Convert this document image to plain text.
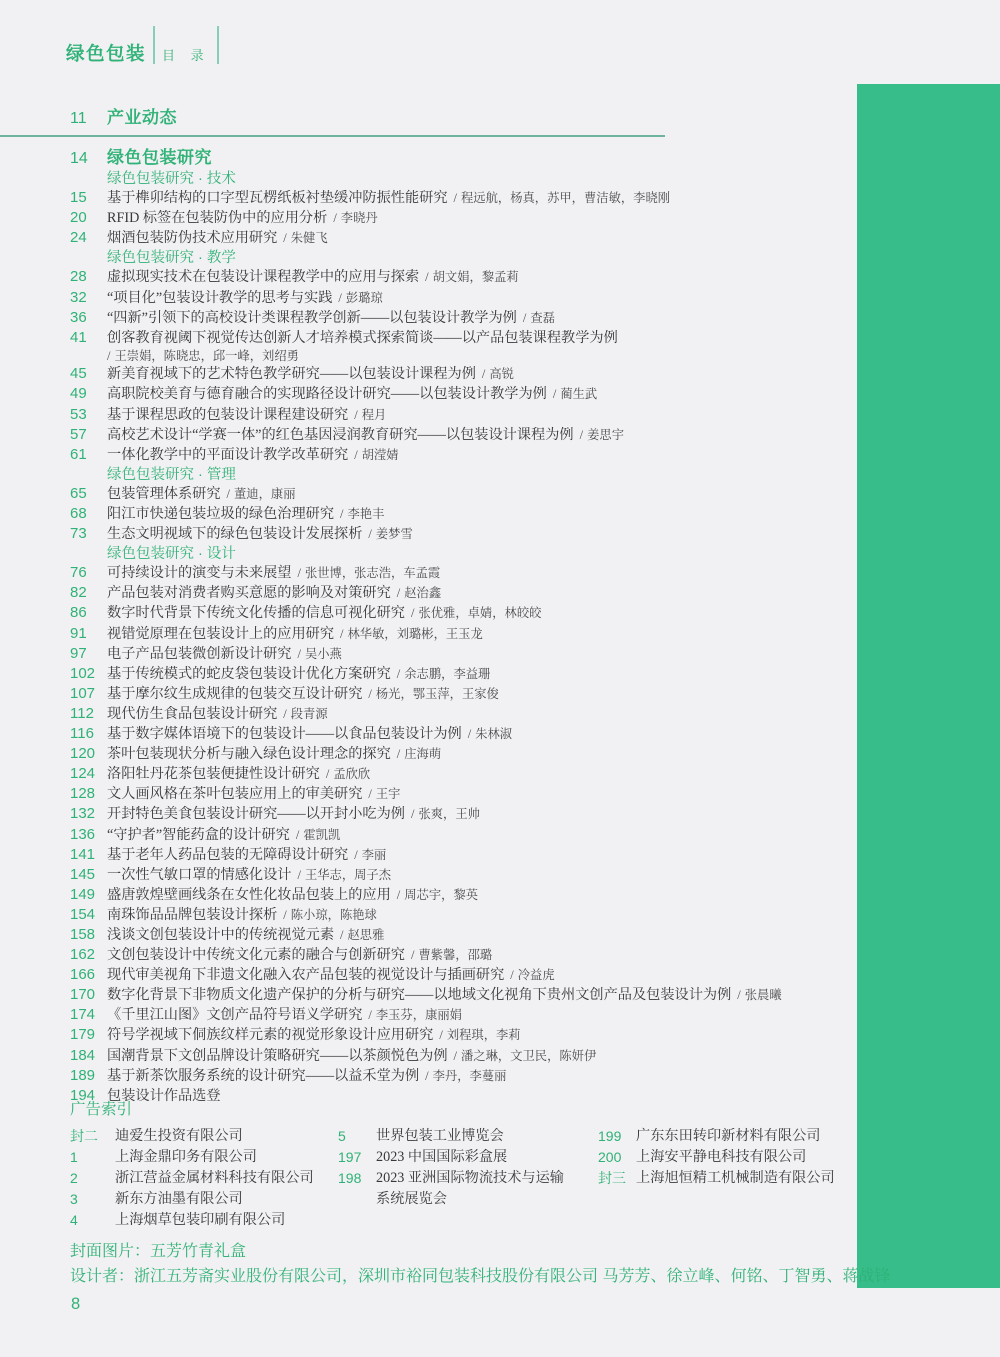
绿色包装 目 录
11	产业动态
14	绿色包装研究
绿色包装研究 · 技术
15	基于榫卯结构的口字型瓦楞纸板衬垫缓冲防振性能研究 / 程远航，杨真，苏甲，曹洁敏，李晓刚
20	RFID 标签在包装防伪中的应用分析 / 李晓丹
24	烟酒包装防伪技术应用研究 / 朱健飞
绿色包装研究 · 教学
28	虚拟现实技术在包装设计课程教学中的应用与探索 / 胡文娟，黎孟莉
32	“项目化”包装设计教学的思考与实践 / 彭璐琼
36	“四新”引领下的高校设计类课程教学创新——以包装设计教学为例 / 查磊
41	创客教育视阈下视觉传达创新人才培养模式探索简谈——以产品包装课程教学为例
/ 王崇娟，陈晓忠，邱一峰，刘绍勇
45	新美育视域下的艺术特色教学研究——以包装设计课程为例 / 高锐
49	高职院校美育与德育融合的实现路径设计研究——以包装设计教学为例 / 蔺生武
53	基于课程思政的包装设计课程建设研究 / 程月
57	高校艺术设计“学赛一体”的红色基因浸润教育研究——以包装设计课程为例 / 姜思宇
61	一体化教学中的平面设计教学改革研究 / 胡滢婧
绿色包装研究 · 管理
65	包装管理体系研究 / 董迪，康丽
68	阳江市快递包装垃圾的绿色治理研究 / 李艳丰
73	生态文明视域下的绿色包装设计发展探析 / 姜梦雪
绿色包装研究 · 设计
76	可持续设计的演变与未来展望 / 张世博，张志浩，车孟霞
82	产品包装对消费者购买意愿的影响及对策研究 / 赵治鑫
86	数字时代背景下传统文化传播的信息可视化研究 / 张优雅，卓婧，林皎皎
91	视错觉原理在包装设计上的应用研究 / 林华敏，刘璐彬，王玉龙
97	电子产品包装微创新设计研究 / 吴小燕
102 基于传统模式的蛇皮袋包装设计优化方案研究 / 余志鹏，李益珊
107 基于摩尔纹生成规律的包装交互设计研究 / 杨光，鄂玉萍，王家俊
112 现代仿生食品包装设计研究 / 段青源
116 基于数字媒体语境下的包装设计——以食品包装设计为例 / 朱林淑
120 茶叶包装现状分析与融入绿色设计理念的探究 / 庄海萌
124 洛阳牡丹花茶包装便捷性设计研究 / 孟欣欣
128 文人画风格在茶叶包装应用上的审美研究 / 王宇
132 开封特色美食包装设计研究——以开封小吃为例 / 张爽，王帅
136 “守护者”智能药盒的设计研究 / 霍凯凯
141 基于老年人药品包装的无障碍设计研究 / 李丽
145 一次性气敏口罩的情感化设计 / 王华志，周子杰
149 盛唐敦煌壁画线条在女性化妆品包装上的应用 / 周芯宇，黎英
154 南珠饰品品牌包装设计探析 / 陈小琼，陈艳球
158 浅谈文创包装设计中的传统视觉元素 / 赵思雅
162 文创包装设计中传统文化元素的融合与创新研究 / 曹紫馨，邵璐
166 现代审美视角下非遗文化融入农产品包装的视觉设计与插画研究 / 冷益虎
170 数字化背景下非物质文化遗产保护的分析与研究——以地域文化视角下贵州文创产品及包装设计为例 / 张晨曦
174 《千里江山图》文创产品符号语义学研究 / 李玉芬，康丽娟
179 符号学视域下侗族纹样元素的视觉形象设计应用研究 / 刘程琪，李莉
184 国潮背景下文创品牌设计策略研究——以茶颜悦色为例 / 潘之琳，文卫民，陈妍伊
189 基于新茶饮服务系统的设计研究——以益禾堂为例 / 李丹，李蔓丽
194 包装设计作品选登
广告索引
封二	迪爱生投资有限公司
1	上海金鼎印务有限公司
2	浙江营益金属材料科技有限公司
3	新东方油墨有限公司
4	上海烟草包装印刷有限公司
5	世界包装工业博览会
197	2023 中国国际彩盒展
198	2023 亚洲国际物流技术与运输
系统展览会
199	广东东田转印新材料有限公司
200	上海安平静电科技有限公司
封三 上海旭恒精工机械制造有限公司
封面图片：五芳竹青礼盒
设计者：浙江五芳斋实业股份有限公司，深圳市裕同包装科技股份有限公司 马芳芳、徐立峰、何铭、丁智勇、蒋战锋
8
